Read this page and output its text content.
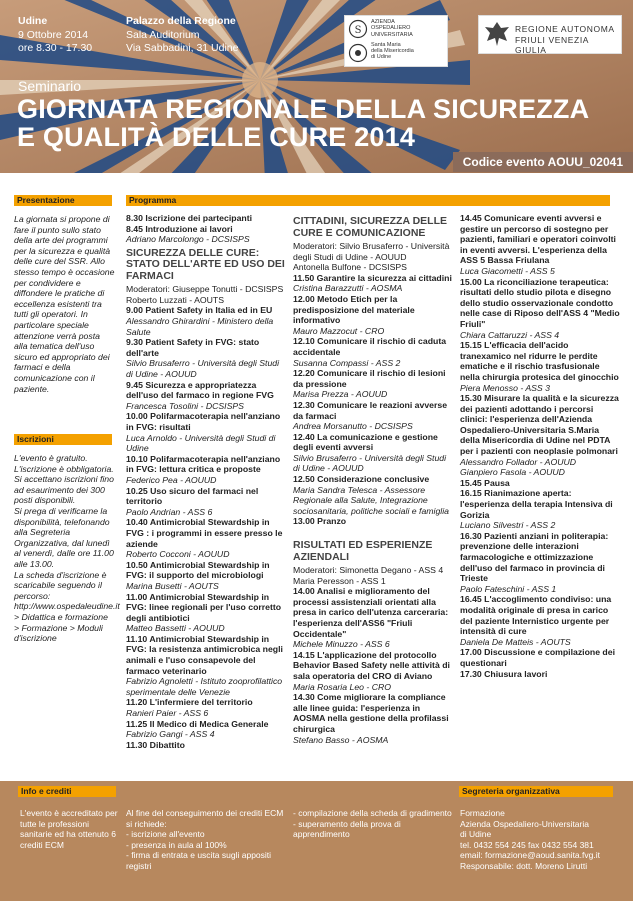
Udine
9 Ottobre 2014
ore 8.30 - 17.30
Palazzo della Regione
Sala Auditorium
Via Sabbadini, 31 Udine
S
AZIENDA
OSPEDALIERO
UNIVERSITARIA
Santa Maria
della Misericordia
di Udine
REGIONE AUTONOMA
FRIULI VENEZIA GIULIA
Seminario
GIORNATA REGIONALE DELLA SICUREZZA
E QUALITÀ DELLE CURE 2014
Codice evento AOUU_02041
Presentazione
La giornata si propone di fare il punto sullo stato della arte dei programmi per la sicurezza e qualità delle cure del SSR. Allo stesso tempo è occasione per condividere e diffondere le pratiche di eccellenza esistenti tra tutti gli operatori. In particolare speciale attenzione verrà posta alla tematica dell'uso sicuro ed appropriato dei farmaci e della comunicazione con il paziente.
Iscrizioni
L'evento è gratuito.
L'iscrizione è obbligatoria.
Si accettano iscrizioni fino ad esaurimento dei 300 posti disponibili.
Si prega di verificarne la disponibilità, telefonando alla Segreteria Organizzativa, dal lunedì al venerdì, dalle ore 11.00 alle 13.00.
La scheda d'iscrizione è scaricabile seguendo il percorso:
http://www.ospedaleudine.it > Didattica e formazione > Formazione > Moduli d'iscrizione
Programma
8.30 Iscrizione dei partecipanti
8.45 Introduzione ai lavori
Adriano Marcolongo - DCSISPS
SICUREZZA DELLE CURE: STATO DELL'ARTE ED USO DEI FARMACI
Moderatori: Giuseppe Tonutti - DCSISPS
Roberto Luzzati - AOUTS
9.00 Patient Safety in Italia ed in EU
Alessandro Ghirardini - Ministero della Salute
9.30 Patient Safety in FVG: stato dell'arte
Silvio Brusaferro - Università degli Studi di Udine - AOUUD
9.45 Sicurezza e appropriatezza dell'uso del farmaco in regione FVG
Francesca Tosolini - DCSISPS
10.00 Polifarmacoterapia nell'anziano in FVG: risultati
Luca Arnoldo - Università degli Studi di Udine
10.10 Polifarmacoterapia nell'anziano in FVG: lettura critica e proposte
Federico Pea - AOUUD
10.25 Uso sicuro del farmaci nel territorio
Paolo Andrian - ASS 6
10.40 Antimicrobial Stewardship in FVG : i programmi in essere presso le aziende
Roberto Cocconi - AOUUD
10.50 Antimicrobial Stewardship in FVG: il supporto del microbiologi
Marina Busetti - AOUTS
11.00 Antimicrobial Stewardship in FVG: linee regionali per l'uso corretto degli antibiotici
Matteo Bassetti - AOUUD
11.10 Antimicrobial Stewardship in FVG: la resistenza antimicrobica negli animali e l'uso consapevole del farmaco veterinario
Fabrizio Agnoletti - Istituto zooprofilattico sperimentale delle Venezie
11.20 L'infermiere del territorio
Ranieri Paier - ASS 6
11.25 Il Medico di Medica Generale
Fabrizio Gangi - ASS 4
11.30 Dibattito
CITTADINI, SICUREZZA DELLE CURE E COMUNICAZIONE
Moderatori: Silvio Brusaferro - Università degli Studi di Udine - AOUUD
Antonella Bulfone - DCSISPS
11.50 Garantire la sicurezza ai cittadini
Cristina Barazzutti - AOSMA
12.00 Metodo Etich per la predisposizione del materiale informativo
Mauro Mazzocut - CRO
12.10 Comunicare il rischio di caduta accidentale
Susanna Compassi - ASS 2
12.20 Comunicare il rischio di lesioni da pressione
Marisa Prezza - AOUUD
12.30 Comunicare le reazioni avverse da farmaci
Andrea Morsanutto - DCSISPS
12.40 La comunicazione e gestione degli eventi avversi
Silvio Brusaferro - Università degli Studi di Udine - AOUUD
12.50 Considerazione conclusive
Maria Sandra Telesca - Assessore Regionale alla Salute, Integrazione sociosanitaria, politiche sociali e famiglia
13.00 Pranzo
RISULTATI ED ESPERIENZE AZIENDALI
Moderatori: Simonetta Degano - ASS 4
Maria Peresson - ASS 1
14.00 Analisi e miglioramento del processi assistenziali orientati alla presa in carico dell'utenza carceraria: l'esperienza dell'ASS6 "Friuli Occidentale"
Michele Minuzzo - ASS 6
14.15 L'applicazione del protocollo Behavior Based Safety nelle attività di sala operatoria del CRO di Aviano
Maria Rosaria Leo - CRO
14.30 Come migliorare la compliance alle linee guida: l'esperienza in AOSMA nella gestione della profilassi chirurgica
Stefano Basso - AOSMA
14.45 Comunicare eventi avversi e gestire un percorso di sostegno per pazienti, familiari e operatori coinvolti in eventi avversi. L'esperienza della ASS 5 Bassa Friulana
Luca Giacometti - ASS 5
15.00 La riconciliazione terapeutica: risultati dello studio pilota e disegno dello studio osservazionale condotto nelle case di Riposo dell'ASS 4 "Medio Friuli"
Chiara Cattaruzzi - ASS 4
15.15 L'efficacia dell'acido tranexamico nel ridurre le perdite ematiche e il rischio trasfusionale nella chirurgia protesica del ginocchio
Piera Menosso - ASS 3
15.30 Misurare la qualità e la sicurezza dei pazienti adottando i percorsi clinici: l'esperienza dell'Azienda Ospedaliero-Universitaria S.Maria della Misericordia di Udine nel PDTA per i pazienti con neoplasie polmonari
Alessandro Follador - AOUUD
Gianpiero Fasola - AOUUD
15.45 Pausa
16.15 Rianimazione aperta: l'esperienza della terapia Intensiva di Gorizia
Luciano Silvestri - ASS 2
16.30 Pazienti anziani in politerapia: prevenzione delle interazioni farmacologiche e ottimizzazione dell'uso del farmaco in provincia di Trieste
Paolo Fateschini - ASS 1
16.45 L'accoglimento condiviso: una modalità originale di presa in carico del paziente Internistico urgente per intensità di cure
Daniela De Matteis - AOUTS
17.00 Discussione e compilazione dei questionari
17.30 Chiusura lavori
Info e crediti
L'evento è accreditato per tutte le professioni sanitarie ed ha ottenuto 6 crediti ECM
Al fine del conseguimento dei crediti ECM si richiede:
- iscrizione all'evento
- presenza in aula al 100%
- firma di entrata e uscita sugli appositi registri
- compilazione della scheda di gradimento
- superamento della prova di apprendimento
Segreteria organizzativa
Formazione
Azienda Ospedaliero-Universitaria
di Udine
tel. 0432 554 245 fax 0432 554 381
email: formazione@aoud.sanita.fvg.it
Responsabile: dott. Moreno Lirutti
